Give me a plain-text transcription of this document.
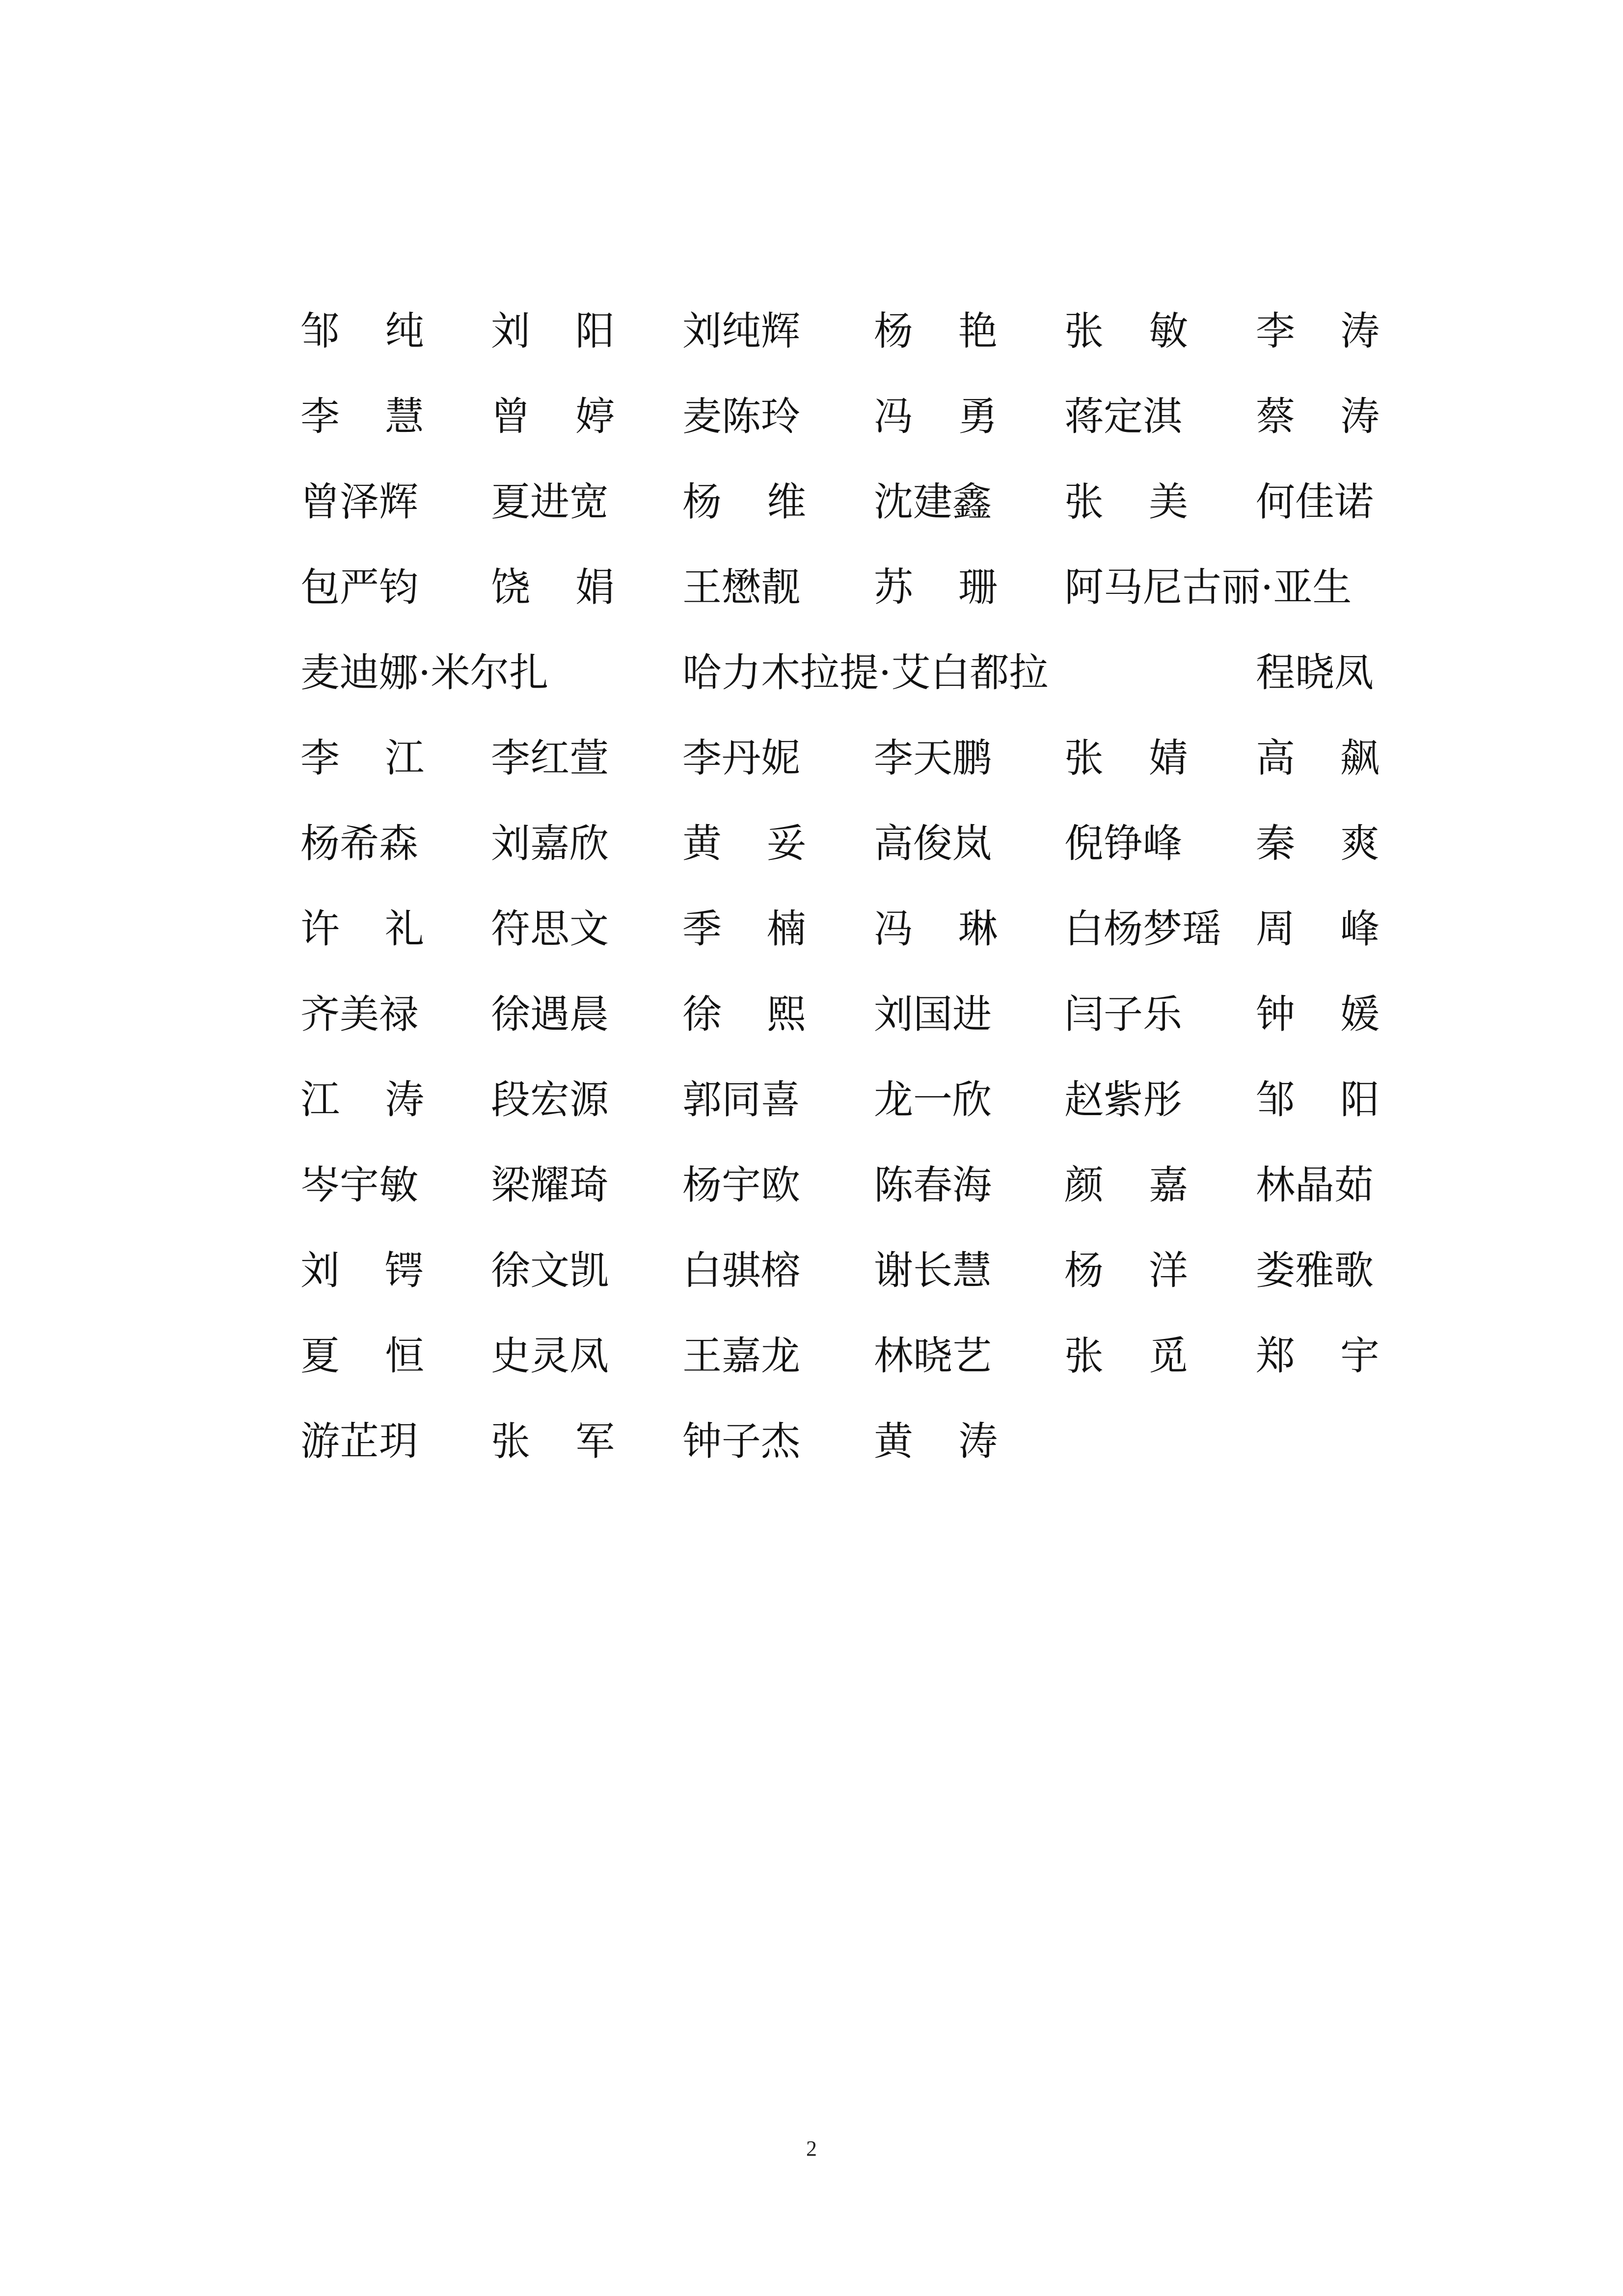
邹 纯 刘 阳 刘纯辉 杨 艳 张 敏 李 涛
李 慧 曾 婷 麦陈玲 冯 勇 蒋定淇 蔡 涛
曾泽辉 夏进宽 杨 维 沈建鑫 张 美 何佳诺
包严钧 饶 娟 王懋靓 苏 珊 阿马尼古丽·亚生
麦迪娜·米尔扎	哈力木拉提·艾白都拉	程晓凤
李 江 李红萱 李丹妮 李天鹏 张 婧 高 飙
杨希森 刘嘉欣 黄 妥 高俊岚 倪铮峰 秦 爽
许 礼 符思文 季 楠 冯 琳 白杨梦瑶 周 峰
齐美禄 徐遇晨 徐 熙 刘国进 闫子乐 钟 媛
江 涛 段宏源 郭同喜 龙一欣 赵紫彤 邹 阳
岑宇敏 梁耀琦 杨宇欧 陈春海 颜 嘉 林晶茹
刘 锷 徐文凯 白骐榕 谢长慧 杨 洋 娄雅歌
夏 恒 史灵凤 王嘉龙 林晓艺 张 觅 郑 宇
游芷玥 张 军 钟子杰 黄 涛
2
